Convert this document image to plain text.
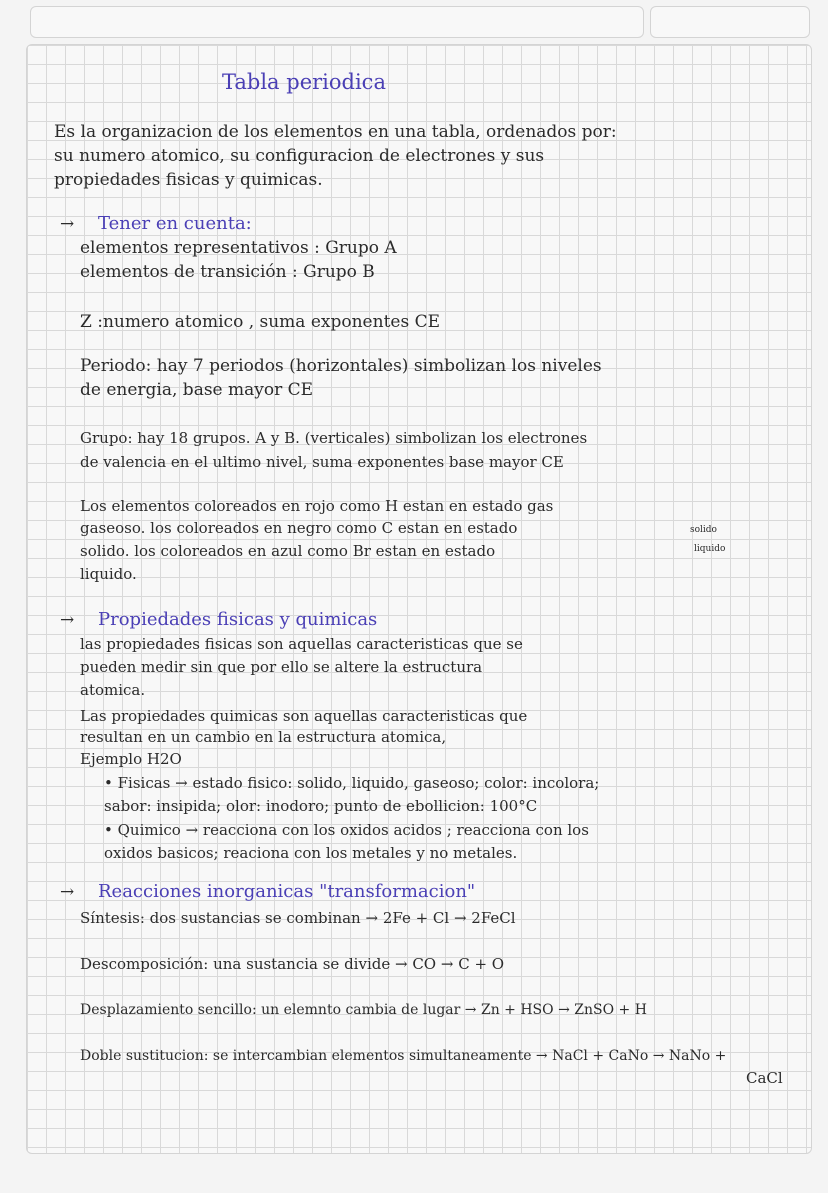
Tabla periodica
Es la organizacion de los elementos en una tabla, ordenados por:
su numero atomico, su configuracion de electrones y sus
propiedades fisicas y quimicas.
→ Tener en cuenta:
elementos representativos : Grupo A
elementos de transición : Grupo B
Z :numero atomico , suma exponentes CE
Periodo: hay 7 periodos (horizontales) simbolizan los niveles
de energia, base mayor CE
Grupo: hay 18 grupos. A y B. (verticales) simbolizan los electrones
de valencia en el ultimo nivel, suma exponentes base mayor CE
Los elementos coloreados en rojo como H estan en estado gas
gaseoso. los coloreados en negro como C estan en estado	solido
solido. los coloreados en azul como Br estan en estado	liquido
liquido.
→ Propiedades fisicas y quimicas
las propiedades fisicas son aquellas caracteristicas que se
pueden medir sin que por ello se altere la estructura
atomica.
Las propiedades quimicas son aquellas caracteristicas que
resultan en un cambio en la estructura atomica,
Ejemplo H2O
• Fisicas → estado fisico: solido, liquido, gaseoso; color: incolora;
sabor: insipida; olor: inodoro; punto de ebollicion: 100°C
• Quimico → reacciona con los oxidos acidos ; reacciona con los
oxidos basicos; reaciona con los metales y no metales.
→ Reacciones inorganicas "transformacion"
Síntesis: dos sustancias se combinan → 2Fe + Cl → 2FeCl
Descomposición: una sustancia se divide → CO → C + O
Desplazamiento sencillo: un elemnto cambia de lugar → Zn + HSO → ZnSO + H
Doble sustitucion: se intercambian elementos simultaneamente → NaCl + CaNo → NaNo +
CaCl
